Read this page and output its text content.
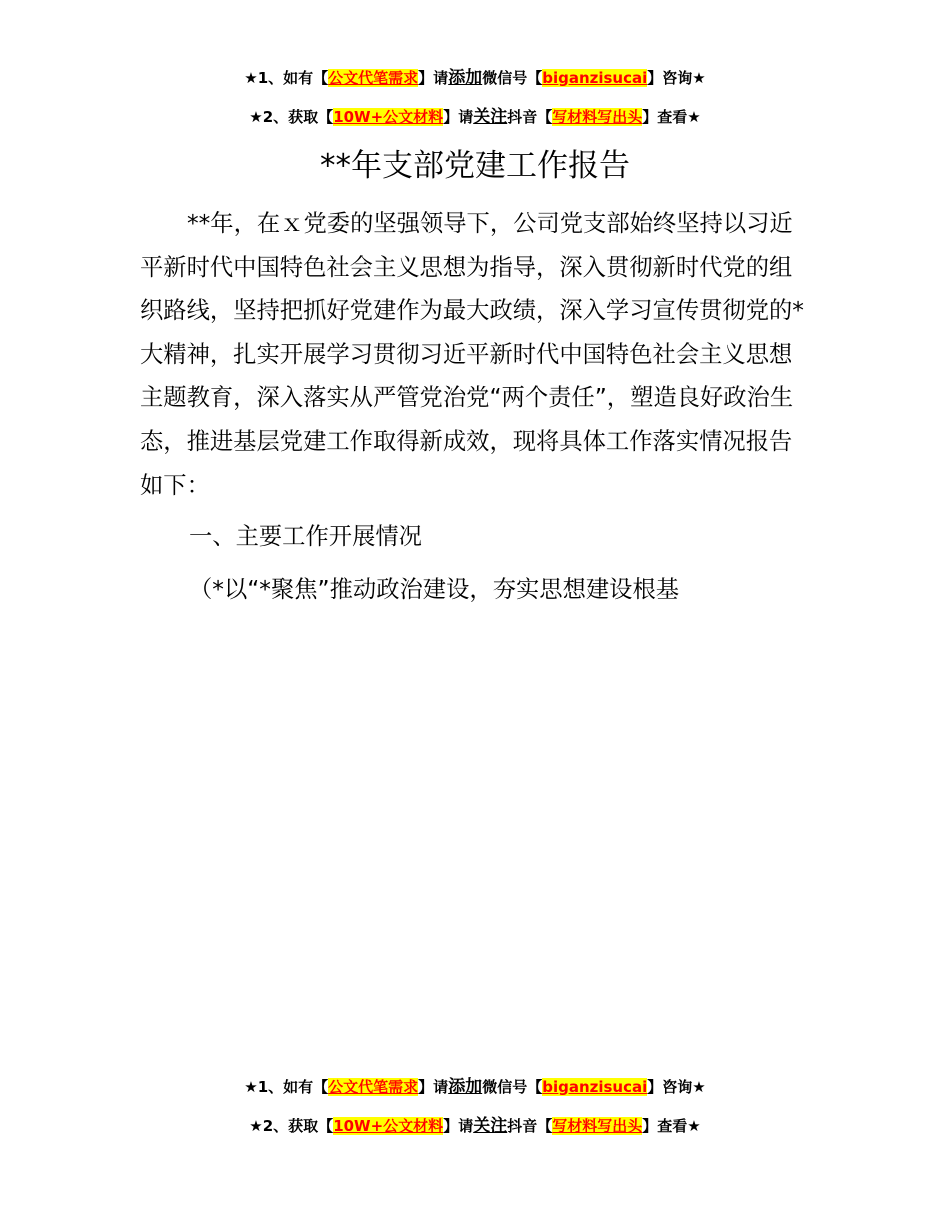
★1、如有【公文代笔需求】请添加微信号【biganzisucai】咨询★
★2、获取【10W+公文材料】请关注抖音【写材料写出头】查看★
**年支部党建工作报告

**年，在ｘ党委的坚强领导下，公司党支部始终坚持以习近平新时代中国特色社会主义思想为指导，深入贯彻新时代党的组织路线，坚持把抓好党建作为最大政绩，深入学习宣传贯彻党的*大精神，扎实开展学习贯彻习近平新时代中国特色社会主义思想主题教育，深入落实从严管党治党“两个责任”，塑造良好政治生态，推进基层党建工作取得新成效，现将具体工作落实情况报告如下：

一、主要工作开展情况

（*以“*聚焦”推动政治建设，夯实思想建设根基

★1、如有【公文代笔需求】请添加微信号【biganzisucai】咨询★
★2、获取【10W+公文材料】请关注抖音【写材料写出头】查看★
